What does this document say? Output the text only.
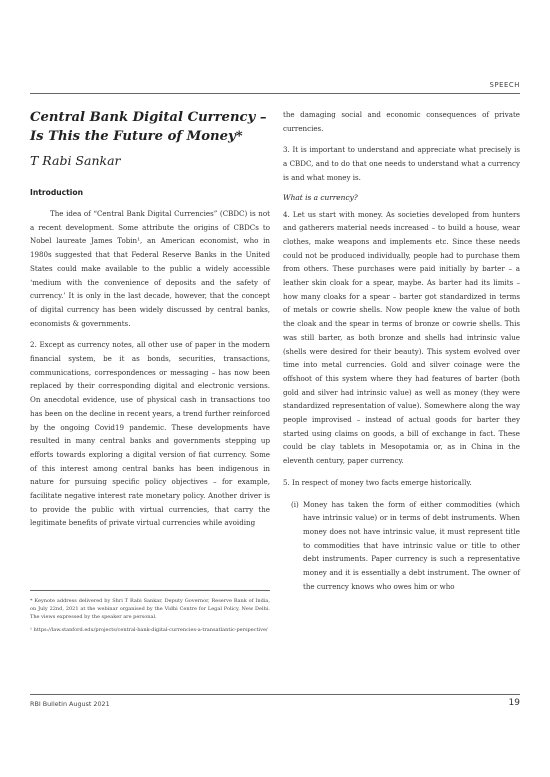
SPEECH
Central Bank Digital Currency – Is This the Future of Money*
T Rabi Sankar
Introduction

The idea of “Central Bank Digital Currencies” (CBDC) is not a recent development. Some attribute the origins of CBDCs to Nobel laureate James Tobin¹, an American economist, who in 1980s suggested that that Federal Reserve Banks in the United States could make available to the public a widely accessible ‘medium with the convenience of deposits and the safety of currency.’ It is only in the last decade, however, that the concept of digital currency has been widely discussed by central banks, economists & governments.

2. Except as currency notes, all other use of paper in the modern financial system, be it as bonds, securities, transactions, communications, correspondences or messaging – has now been replaced by their corresponding digital and electronic versions. On anecdotal evidence, use of physical cash in transactions too has been on the decline in recent years, a trend further reinforced by the ongoing Covid19 pandemic. These developments have resulted in many central banks and governments stepping up efforts towards exploring a digital version of fiat currency. Some of this interest among central banks has been indigenous in nature for pursuing specific policy objectives – for example, facilitate negative interest rate monetary policy. Another driver is to provide the public with virtual currencies, that carry the legitimate benefits of private virtual currencies while avoiding

the damaging social and economic consequences of private currencies.

3. It is important to understand and appreciate what precisely is a CBDC, and to do that one needs to understand what a currency is and what money is.

What is a currency?

4. Let us start with money. As societies developed from hunters and gatherers material needs increased – to build a house, wear clothes, make weapons and implements etc. Since these needs could not be produced individually, people had to purchase them from others. These purchases were paid initially by barter – a leather skin cloak for a spear, maybe. As barter had its limits – how many cloaks for a spear – barter got standardized in terms of metals or cowrie shells. Now people knew the value of both the cloak and the spear in terms of bronze or cowrie shells. This was still barter, as both bronze and shells had intrinsic value (shells were desired for their beauty). This system evolved over time into metal currencies. Gold and silver coinage were the offshoot of this system where they had features of barter (both gold and silver had intrinsic value) as well as money (they were standardized representation of value). Somewhere along the way people improvised – instead of actual goods for barter they started using claims on goods, a bill of exchange in fact. These could be clay tablets in Mesopotamia or, as in China in the eleventh century, paper currency.

5. In respect of money two facts emerge historically.

(i) Money has taken the form of either commodities (which have intrinsic value) or in terms of debt instruments. When money does not have intrinsic value, it must represent title to commodities that have intrinsic value or title to other debt instruments. Paper currency is such a representative money and it is essentially a debt instrument. The owner of the currency knows who owes him or who

* Keynote address delivered by Shri T Rabi Sankar, Deputy Governor, Reserve Bank of India, on July 22nd, 2021 at the webinar organised by the Vidhi Centre for Legal Policy, New Delhi. The views expressed by the speaker are personal.

¹ https://law.stanford.edu/projects/central-bank-digital-currencies-a-transatlantic-perspective/

RBI Bulletin August 2021	19
